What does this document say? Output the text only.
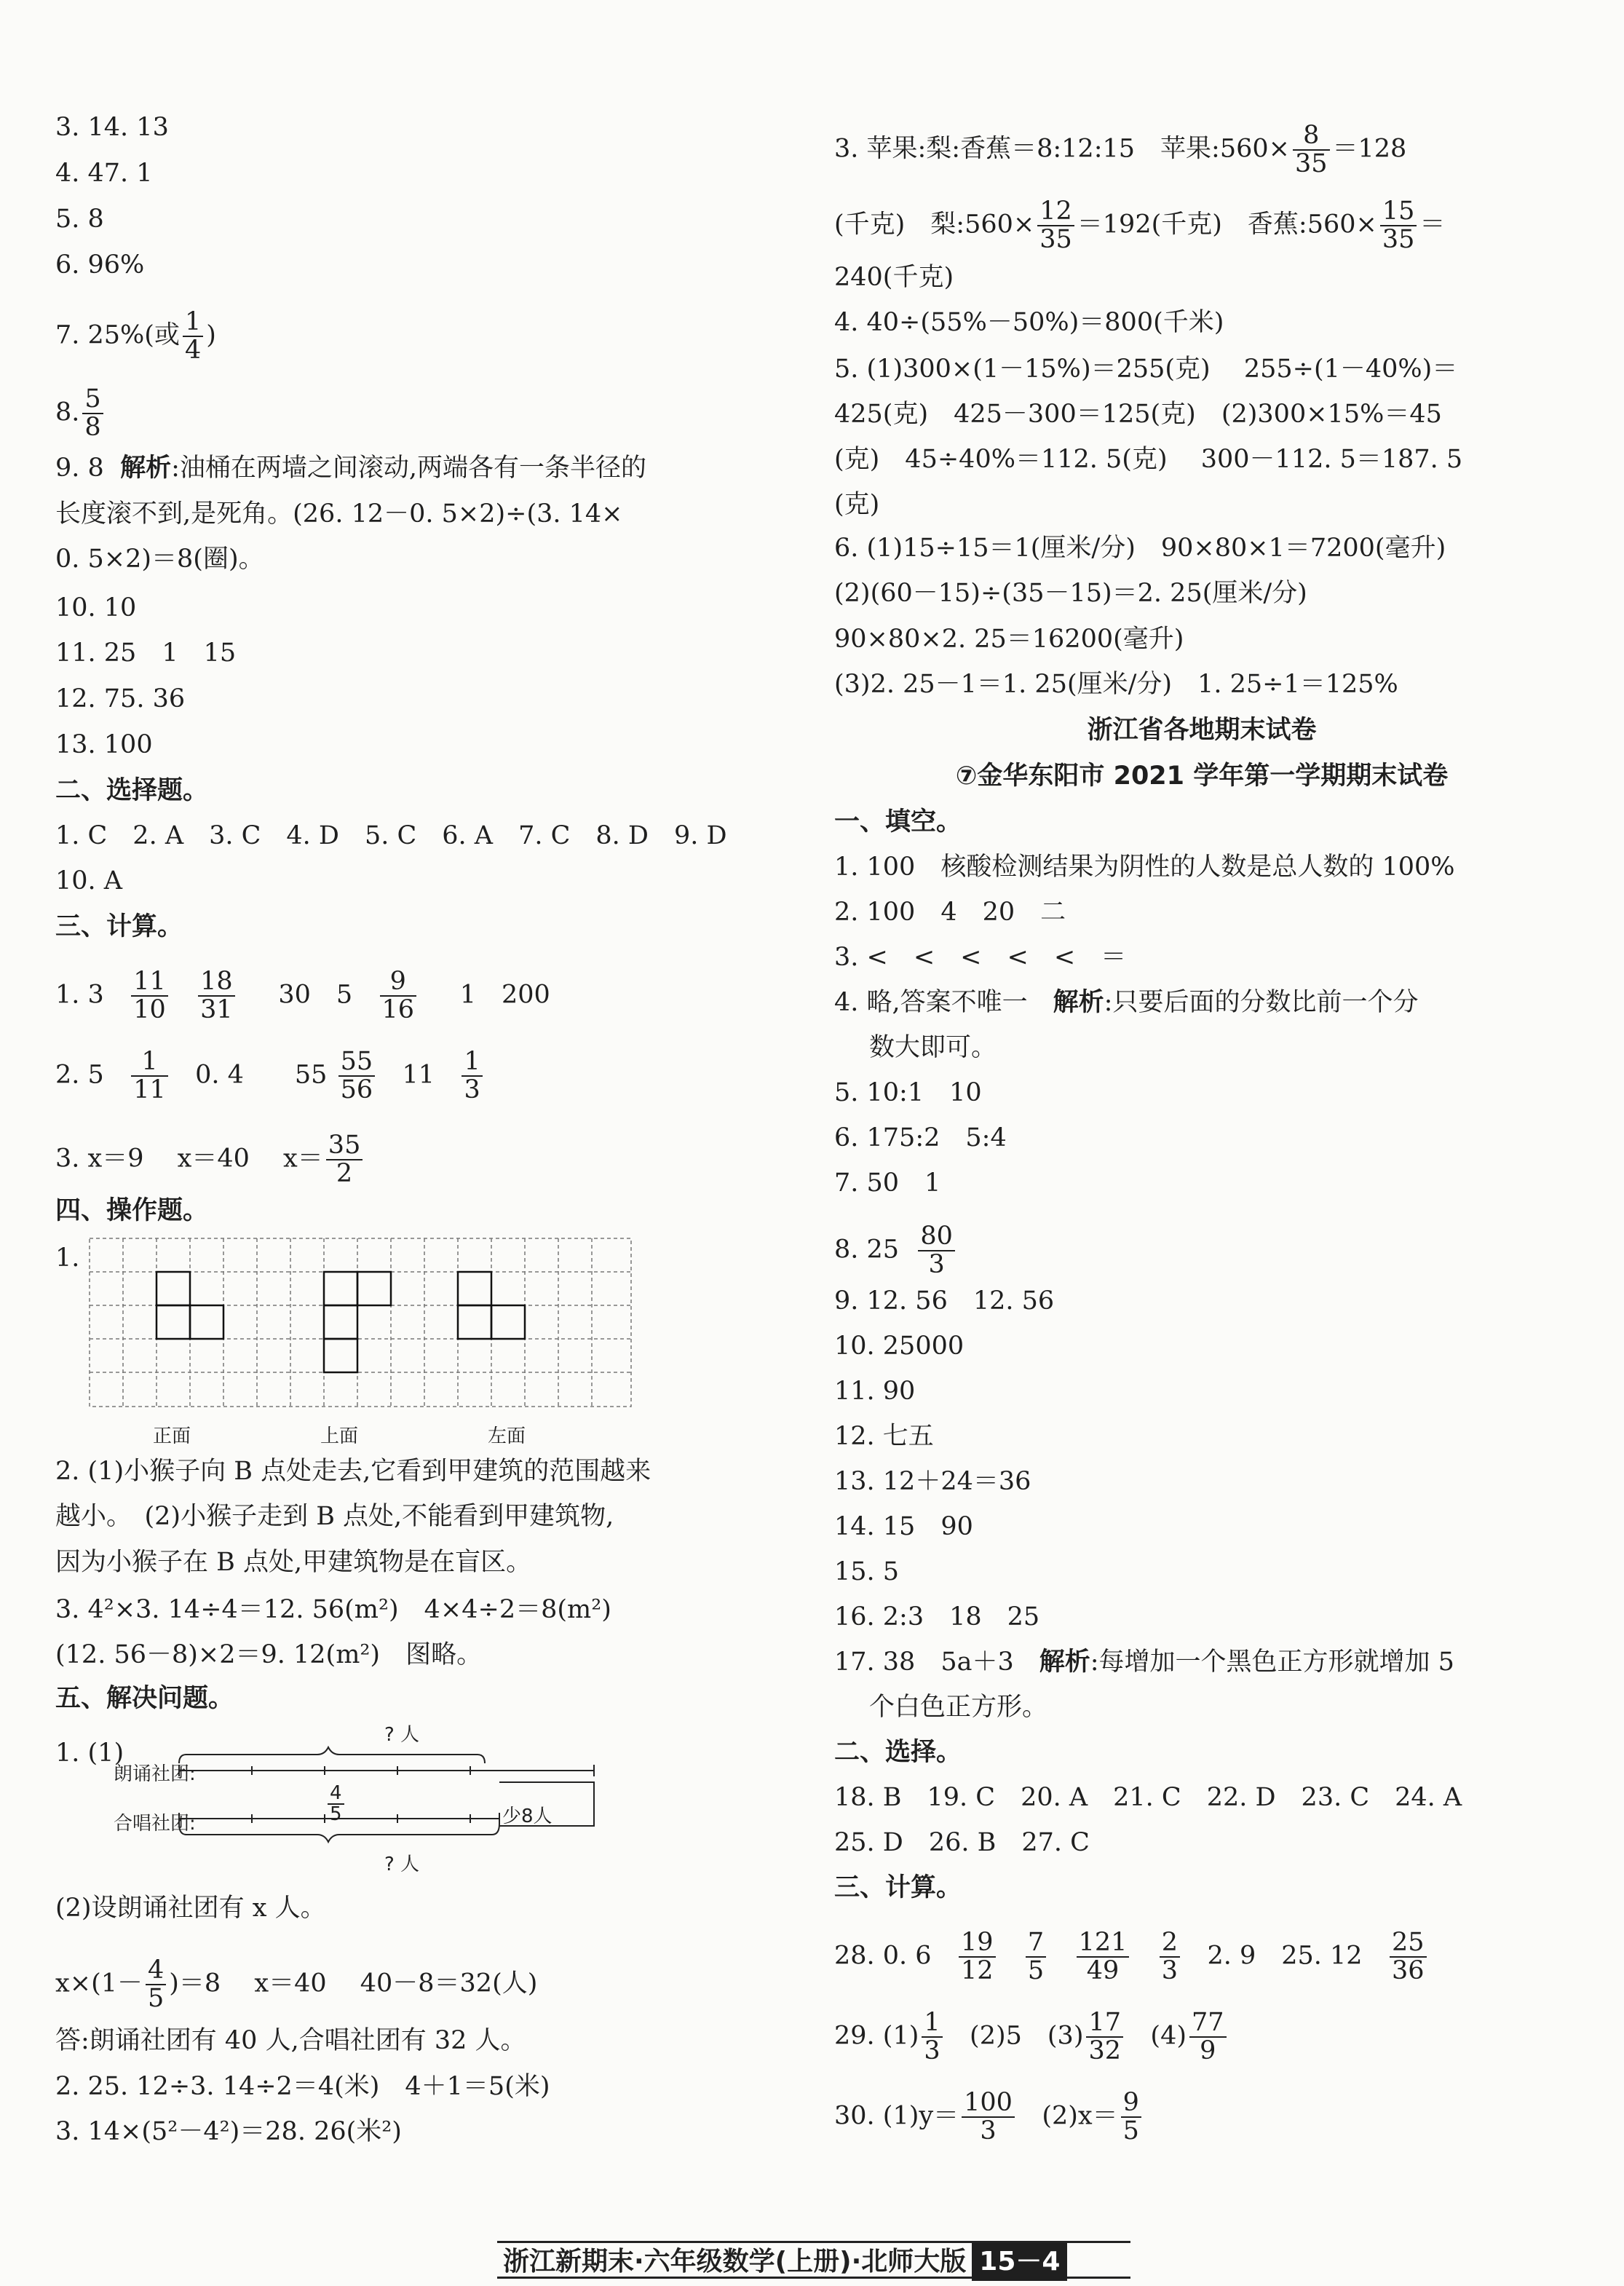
3. 14. 13
4. 47. 1
5. 8
6. 96%
7. 25%(或 $\frac{1}{4}$ )
8. $\frac{5}{8}$
9. 8 解析:油桶在两墙之间滚动,两端各有一条半径的
长度滚不到,是死角。(26. 12－0. 5×2)÷(3. 14×
0. 5×2)＝8(圈)。
10. 10
11. 25　1　15
12. 75. 36
13. 100
二、选择题。
1. C　2. A　3. C　4. D　5. C　6. A　7. C　8. D　9. D
10. A
三、计算。
1. $3 \frac{11}{10}$
$\frac{18}{31} 30$　$5 \frac{9}{16} 1$　200
2. $5 \frac{1}{11} 0$. 4　　$55 \frac{55}{56} 11 \frac{1}{3}$
3. x＝9　 x＝40　 $x= \frac{35}{2}$
四、操作题。
1.
正面	上面	左面
2. (1)小猴子向 B 点处走去,它看到甲建筑的范围越来
越小。　(2)小猴子走到 B 点处,不能看到甲建筑物,
因为小猴子在 B 点处,甲建筑物是在盲区。
3. 4²×3. 14÷4＝12. 56(m²)　4×4÷2＝8(m²)
(12. 56－8)×2＝9. 12(m²)　图略。
五、解决问题。
1. (1)
? 人
朗诵社团:
合唱社团:	$\frac{4}{5}$	少8人
? 人
(2)设朗诵社团有 x 人。
$x\times(1- \frac{4}{5} )=8$　 x＝40　 40－8＝32(人)
答:朗诵社团有 40 人,合唱社团有 32 人。
2. 25. 12÷3. 14÷2＝4(米)　4＋1＝5(米)
3. 14×(5²－4²)＝28. 26(米²)
3. 苹果:梨:香蕉＝8:12:15　苹果:560× $\frac{8}{35} =128$
(千克)　梨:560× $\frac{12}{35} =192$(千克)　香蕉:560× $\frac{15}{35}$ ＝
240(千克)
4. 40÷(55%－50%)＝800(千米)
5. (1)300×(1－15%)＝255(克)　 255÷(1－40%)＝
425(克)　425－300＝125(克)　(2)300×15%＝45
(克)　45÷40%＝112. 5(克)　 300－112. 5＝187. 5
(克)
6. (1)15÷15＝1(厘米/分)　90×80×1＝7200(毫升)
(2)(60－15)÷(35－15)＝2. 25(厘米/分)
90×80×2. 25＝16200(毫升)
(3)2. 25－1＝1. 25(厘米/分)　1. 25÷1＝125%
浙江省各地期末试卷
⑦金华东阳市 2021 学年第一学期期末试卷
一、填空。
1. 100　核酸检测结果为阴性的人数是总人数的 100%
2. 100　4　20　二
3. <　<　<　<　<　＝
4. 略,答案不唯一　解析:只要后面的分数比前一个分
数大即可。
5. 10:1　10
6. 175:2　5:4
7. 50　1
8. $25 \frac{80}{3}$
9. 12. 56　12. 56
10. 25000
11. 90
12. 七五
13. 12＋24＝36
14. 15　90
15. 5
16. 2:3　18　25
17. 38　5a＋3　解析:每增加一个黑色正方形就增加 5
个白色正方形。
二、选择。
18. B　19. C　20. A　21. C　22. D　23. C　24. A
25. D　26. B　27. C
三、计算。
28. 0. $6 \frac{19}{12}$
$\frac{7}{5}$
$\frac{121}{49}$
$\frac{2}{3} 2$. 9　25. $12 \frac{25}{36}$
29. $(1) \frac{1}{3} (2)5$　$(3) \frac{17}{32} (4) \frac{77}{9}$
30. $(1)y= \frac{100}{3} (2)x= \frac{9}{5}$
浙江新期末·六年级数学(上册)·北师大版 15－4
